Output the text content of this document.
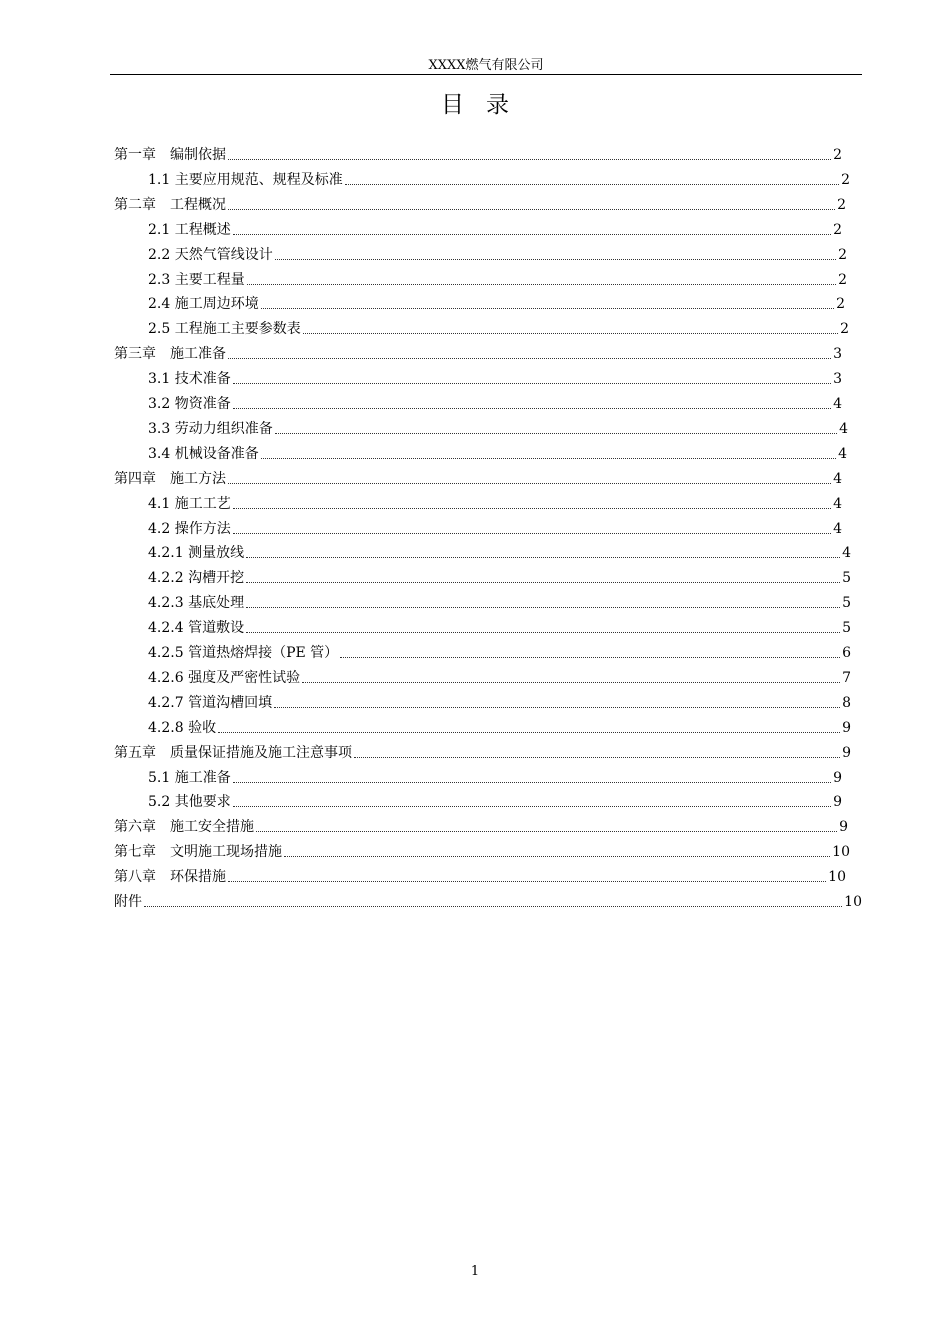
XXXX燃气有限公司
目录
第一章　编制依据	2
1.1 主要应用规范、规程及标准	2
第二章　工程概况	2
2.1 工程概述	2
2.2 天然气管线设计	2
2.3 主要工程量	2
2.4 施工周边环境	2
2.5 工程施工主要参数表	2
第三章　施工准备	3
3.1 技术准备	3
3.2 物资准备	4
3.3 劳动力组织准备	4
3.4 机械设备准备	4
第四章　施工方法	4
4.1 施工工艺	4
4.2 操作方法	4
4.2.1 测量放线	4
4.2.2 沟槽开挖	5
4.2.3 基底处理	5
4.2.4 管道敷设	5
4.2.5 管道热熔焊接（PE 管）	6
4.2.6 强度及严密性试验	7
4.2.7 管道沟槽回填	8
4.2.8 验收	9
第五章　质量保证措施及施工注意事项	9
5.1 施工准备	9
5.2 其他要求	9
第六章　施工安全措施	9
第七章　文明施工现场措施	10
第八章　环保措施	10
附件	10
1
